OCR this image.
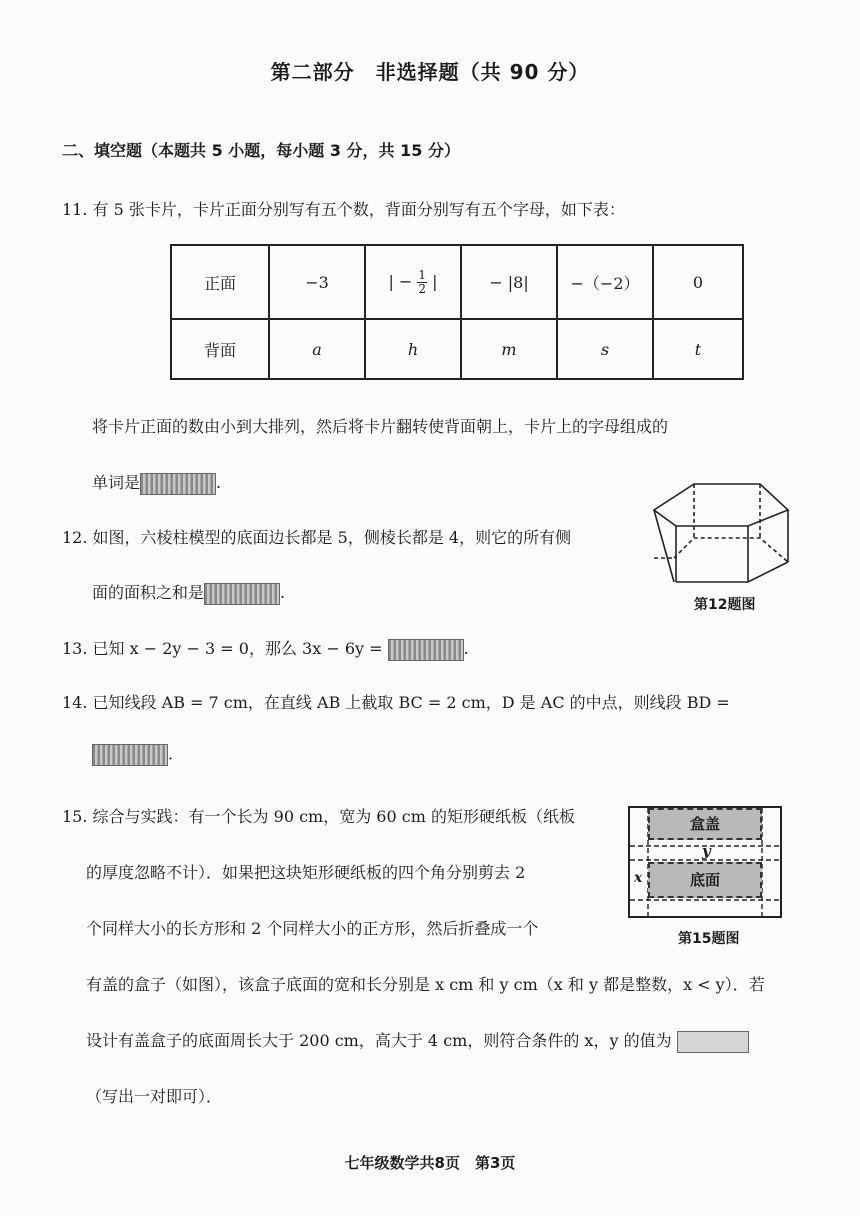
第二部分　非选择题（共 90 分）
二、填空题（本题共 5 小题，每小题 3 分，共 15 分）
11. 有 5 张卡片，卡片正面分别写有五个数，背面分别写有五个字母，如下表：
正面	−3	| − $\frac{1}{2}$ |	− |8|	−（−2）	0
背面	a	h	m	s	t
将卡片正面的数由小到大排列，然后将卡片翻转使背面朝上，卡片上的字母组成的
单词是	.
12. 如图，六棱柱模型的底面边长都是 5，侧棱长都是 4，则它的所有侧
面的面积之和是	.
第12题图
13. 已知 x − 2y − 3 = 0，那么 3x − 6y =	.
14. 已知线段 AB = 7 cm，在直线 AB 上截取 BC = 2 cm，D 是 AC 的中点，则线段 BD =
.
15. 综合与实践：有一个长为 90 cm，宽为 60 cm 的矩形硬纸板（纸板
的厚度忽略不计）．如果把这块矩形硬纸板的四个角分别剪去 2
个同样大小的长方形和 2 个同样大小的正方形，然后折叠成一个
有盖的盒子（如图），该盒子底面的宽和长分别是 x cm 和 y cm（x 和 y 都是整数，x < y）．若
设计有盖盒子的底面周长大于 200 cm，高大于 4 cm，则符合条件的 x，y 的值为
（写出一对即可）．
盒盖
底面
y
x
第15题图
七年级数学共8页　第3页
